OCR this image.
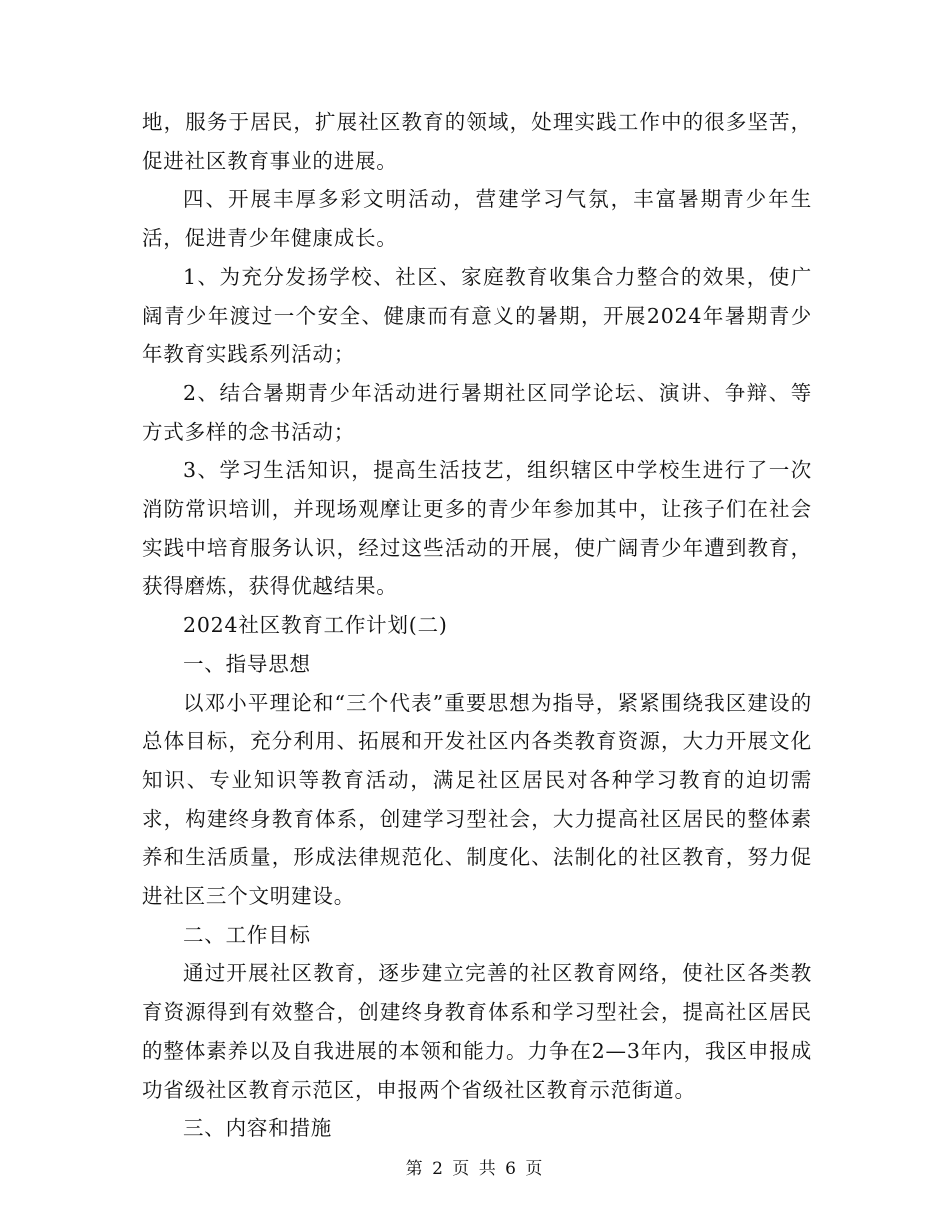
地，服务于居民，扩展社区教育的领域，处理实践工作中的很多坚苦，促进社区教育事业的进展。

四、开展丰厚多彩文明活动，营建学习气氛，丰富暑期青少年生活，促进青少年健康成长。

1、为充分发扬学校、社区、家庭教育收集合力整合的效果，使广阔青少年渡过一个安全、健康而有意义的暑期，开展2024年暑期青少年教育实践系列活动；

2、结合暑期青少年活动进行暑期社区同学论坛、演讲、争辩、等方式多样的念书活动；

3、学习生活知识，提高生活技艺，组织辖区中学校生进行了一次消防常识培训，并现场观摩让更多的青少年参加其中，让孩子们在社会实践中培育服务认识，经过这些活动的开展，使广阔青少年遭到教育，获得磨炼，获得优越结果。

2024社区教育工作计划(二)

一、指导思想

以邓小平理论和“三个代表”重要思想为指导，紧紧围绕我区建设的总体目标，充分利用、拓展和开发社区内各类教育资源，大力开展文化知识、专业知识等教育活动，满足社区居民对各种学习教育的迫切需求，构建终身教育体系，创建学习型社会，大力提高社区居民的整体素养和生活质量，形成法律规范化、制度化、法制化的社区教育，努力促进社区三个文明建设。

二、工作目标

通过开展社区教育，逐步建立完善的社区教育网络，使社区各类教育资源得到有效整合，创建终身教育体系和学习型社会，提高社区居民的整体素养以及自我进展的本领和能力。力争在2—3年内，我区申报成功省级社区教育示范区，申报两个省级社区教育示范街道。

三、内容和措施

第 2 页 共 6 页
